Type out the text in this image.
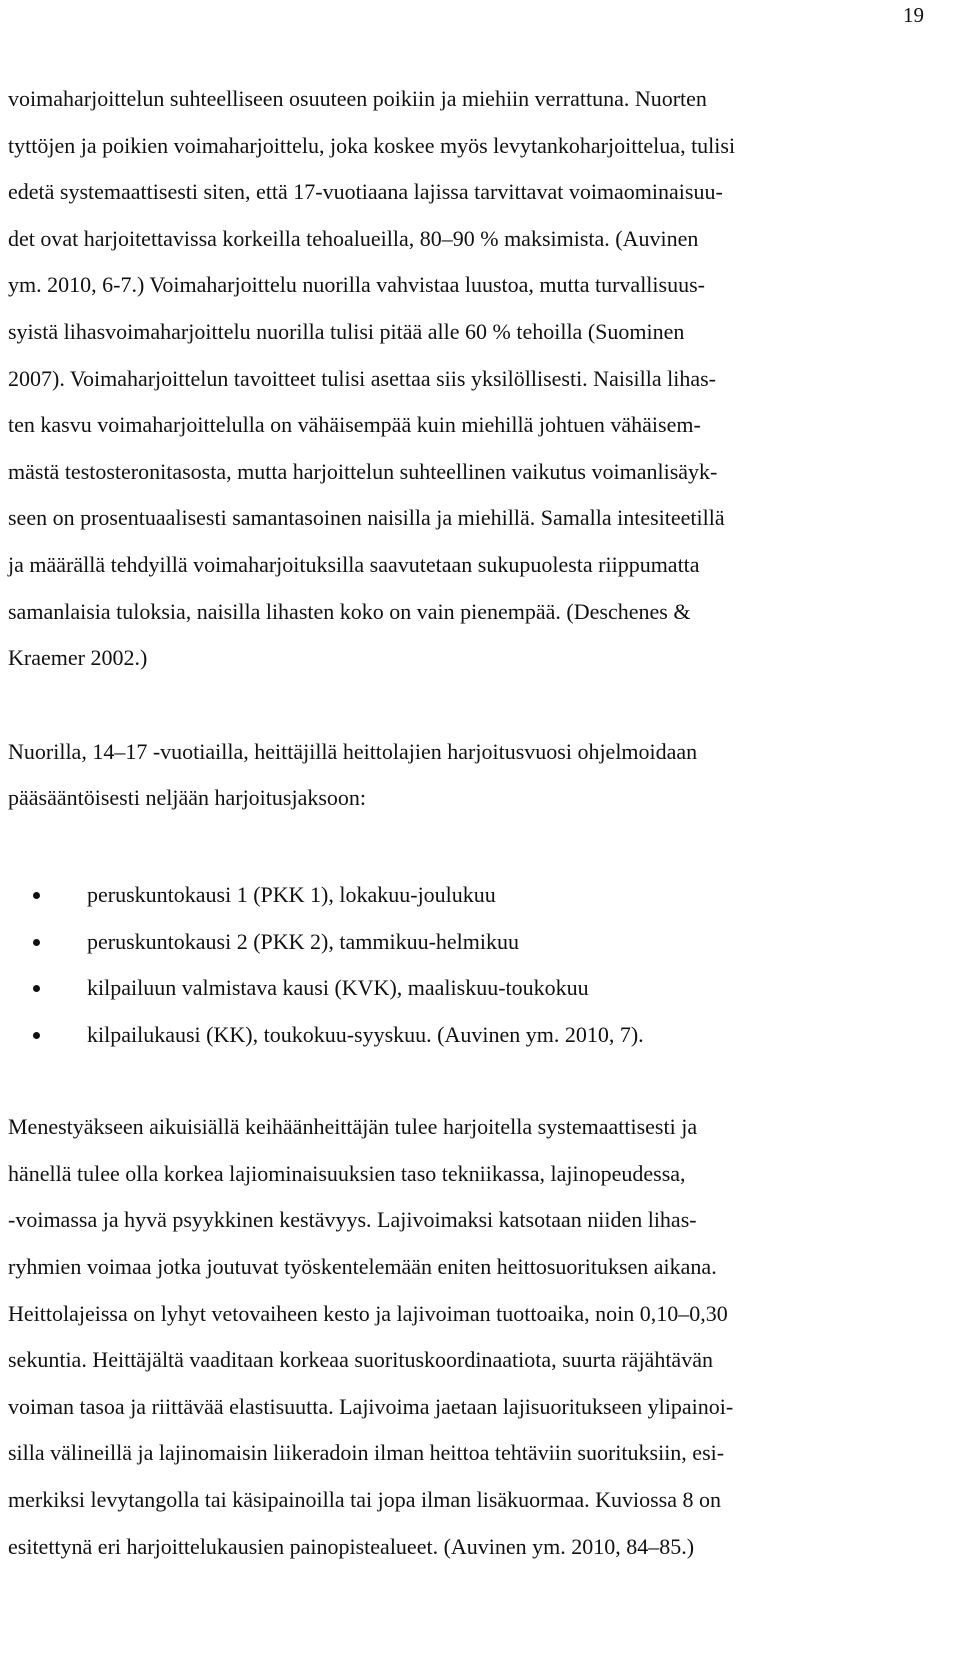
19

voimaharjoittelun suhteelliseen osuuteen poikiin ja miehiin verrattuna. Nuorten
tyttöjen ja poikien voimaharjoittelu, joka koskee myös levytankoharjoittelua, tulisi
edetä systemaattisesti siten, että 17-vuotiaana lajissa tarvittavat voimaominaisuu-
det ovat harjoitettavissa korkeilla tehoalueilla, 80–90 % maksimista. (Auvinen
ym. 2010, 6-7.) Voimaharjoittelu nuorilla vahvistaa luustoa, mutta turvallisuus-
syistä lihasvoimaharjoittelu nuorilla tulisi pitää alle 60 % tehoilla (Suominen
2007). Voimaharjoittelun tavoitteet tulisi asettaa siis yksilöllisesti. Naisilla lihas-
ten kasvu voimaharjoittelulla on vähäisempää kuin miehillä johtuen vähäisem-
mästä testosteronitasosta, mutta harjoittelun suhteellinen vaikutus voimanlisäyk-
seen on prosentuaalisesti samantasoinen naisilla ja miehillä. Samalla intesiteetillä
ja määrällä tehdyillä voimaharjoituksilla saavutetaan sukupuolesta riippumatta
samanlaisia tuloksia, naisilla lihasten koko on vain pienempää. (Deschenes &
Kraemer 2002.)

Nuorilla, 14–17 -vuotiailla, heittäjillä heittolajien harjoitusvuosi ohjelmoidaan
pääsääntöisesti neljään harjoitusjaksoon:

peruskuntokausi 1 (PKK 1), lokakuu-joulukuu
peruskuntokausi 2 (PKK 2), tammikuu-helmikuu
kilpailuun valmistava kausi (KVK), maaliskuu-toukokuu
kilpailukausi (KK), toukokuu-syyskuu. (Auvinen ym. 2010, 7).

Menestyäkseen aikuisiällä keihäänheittäjän tulee harjoitella systemaattisesti ja
hänellä tulee olla korkea lajiominaisuuksien taso tekniikassa, lajinopeudessa,
-voimassa ja hyvä psyykkinen kestävyys. Lajivoimaksi katsotaan niiden lihas-
ryhmien voimaa jotka joutuvat työskentelemään eniten heittosuorituksen aikana.
Heittolajeissa on lyhyt vetovaiheen kesto ja lajivoiman tuottoaika, noin 0,10–0,30
sekuntia. Heittäjältä vaaditaan korkeaa suorituskoordinaatiota, suurta räjähtävän
voiman tasoa ja riittävää elastisuutta. Lajivoima jaetaan lajisuoritukseen ylipainoi-
silla välineillä ja lajinomaisin liikeradoin ilman heittoa tehtäviin suorituksiin, esi-
merkiksi levytangolla tai käsipainoilla tai jopa ilman lisäkuormaa. Kuviossa 8 on
esitettynä eri harjoittelukausien painopistealueet. (Auvinen ym. 2010, 84–85.)
